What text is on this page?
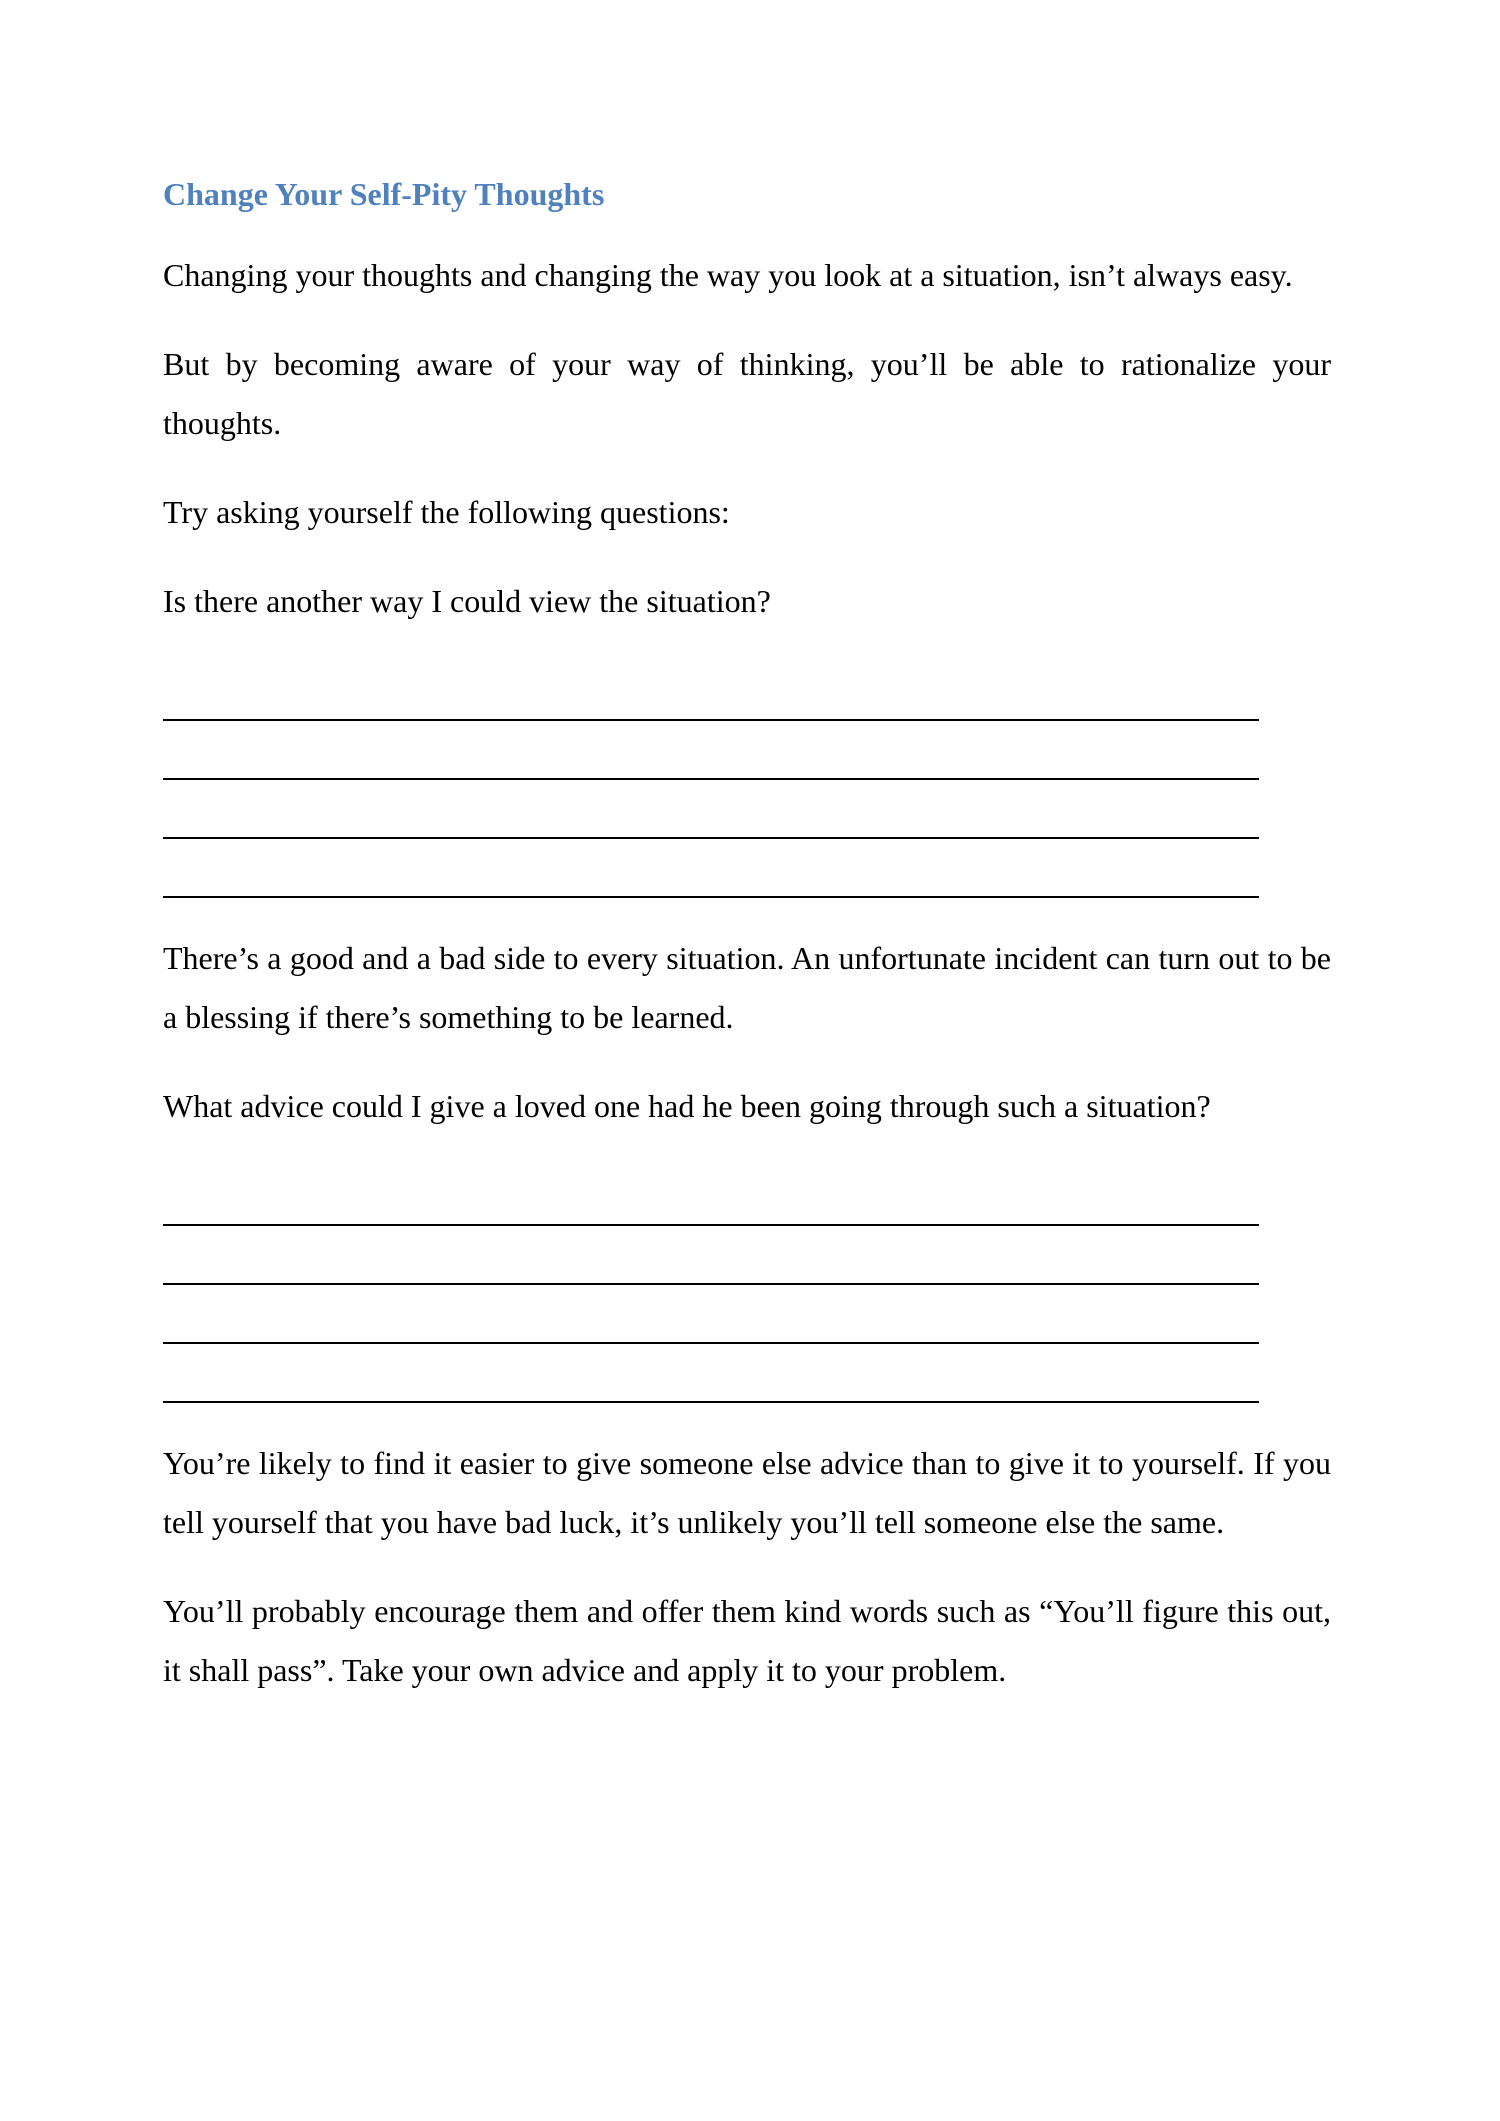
Change Your Self-Pity Thoughts

Changing your thoughts and changing the way you look at a situation, isn’t always easy.

But by becoming aware of your way of thinking, you’ll be able to rationalize your thoughts.

Try asking yourself the following questions:

Is there another way I could view the situation?

There’s a good and a bad side to every situation. An unfortunate incident can turn out to be a blessing if there’s something to be learned.

What advice could I give a loved one had he been going through such a situation?

You’re likely to find it easier to give someone else advice than to give it to yourself. If you tell yourself that you have bad luck, it’s unlikely you’ll tell someone else the same.

You’ll probably encourage them and offer them kind words such as “You’ll figure this out, it shall pass”. Take your own advice and apply it to your problem.
